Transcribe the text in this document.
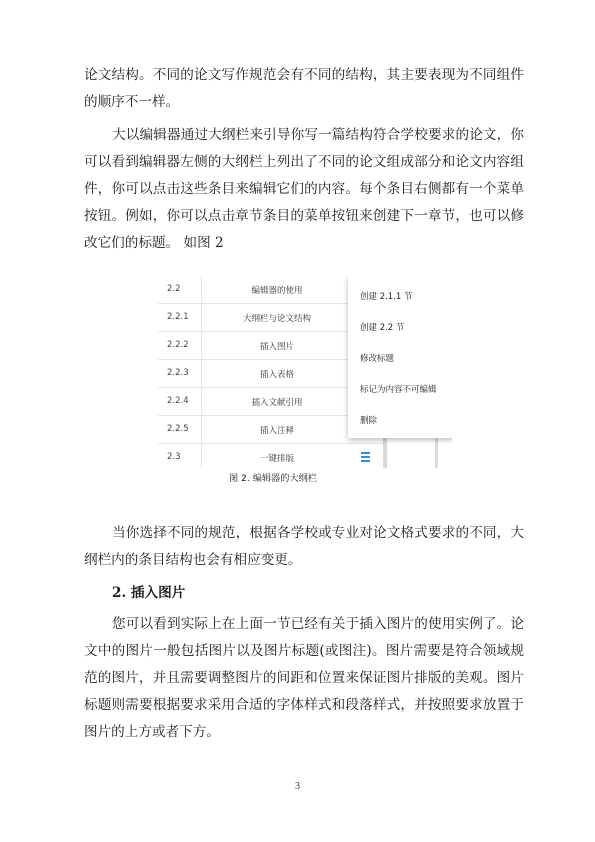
论文结构。不同的论文写作规范会有不同的结构，其主要表现为不同组件的顺序不一样。

大以编辑器通过大纲栏来引导你写一篇结构符合学校要求的论文，你可以看到编辑器左侧的大纲栏上列出了不同的论文组成部分和论文内容组件，你可以点击这些条目来编辑它们的内容。每个条目右侧都有一个菜单按钮。例如，你可以点击章节条目的菜单按钮来创建下一章节，也可以修改它们的标题。 如图 2

2.2	编辑器的使用
2.2.1	大纲栏与论文结构
2.2.2	插入图片
2.2.3	插入表格
2.2.4	插入文献引用
2.2.5	插入注释
2.3	一键排版
创建 2.1.1 节
创建 2.2 节
修改标题
标记为内容不可编辑
删除
图 2. 编辑器的大纲栏

当你选择不同的规范，根据各学校或专业对论文格式要求的不同，大纲栏内的条目结构也会有相应变更。

2. 插入图片

您可以看到实际上在上面一节已经有关于插入图片的使用实例了。论文中的图片一般包括图片以及图片标题(或图注)。图片需要是符合领域规范的图片，并且需要调整图片的间距和位置来保证图片排版的美观。图片标题则需要根据要求采用合适的字体样式和段落样式，并按照要求放置于图片的上方或者下方。

3
